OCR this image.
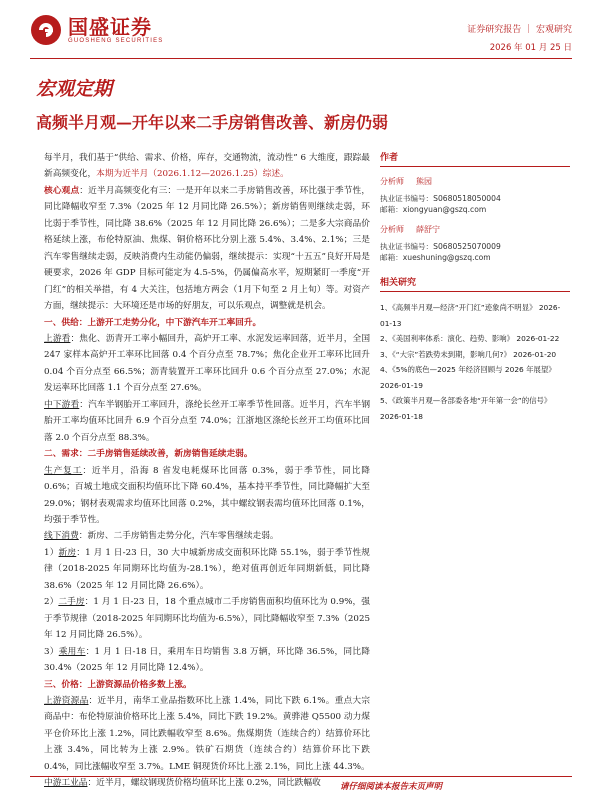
国盛证券
GUOSHENG SECURITIES
证券研究报告 ｜ 宏观研究
2026 年 01 月 25 日
宏观定期
高频半月观—开年以来二手房销售改善、新房仍弱

每半月，我们基于“供给、需求、价格，库存，交通物流，流动性” 6 大维度，跟踪最新高频变化，本期为近半月（2026.1.12—2026.1.25）综述。

核心观点：近半月高频变化有三：一是开年以来二手房销售改善，环比强于季节性，同比降幅收窄至 7.3%（2025 年 12 月同比降 26.5%）；新房销售则继续走弱，环比弱于季节性，同比降 38.6%（2025 年 12 月同比降 26.6%）；二是多大宗商品价格延续上涨，布伦特原油、焦煤、铜价格环比分别上涨 5.4%、3.4%、2.1%；三是汽车零售继续走弱，反映消费内生动能仍偏弱，继续提示：实现“十五五”良好开局是硬要求，2026 年 GDP 目标可能定为 4.5-5%，仍属偏高水平，短期紧盯一季度“开门红”的相关举措，有 4 大关注，包括地方两会（1月下旬至 2 月上旬）等。对资产方面，继续提示：大环境还是市场的好朋友，可以乐观点，调整就是机会。

一、供给：上游开工走势分化，中下游汽车开工率回升。

上游看：焦化、沥青开工率小幅回升，高炉开工率、水泥发运率回落，近半月，全国 247 家样本高炉开工率环比回落 0.4 个百分点至 78.7%；焦化企业开工率环比回升 0.04 个百分点至 66.5%；沥青装置开工率环比回升 0.6 个百分点至 27.0%；水泥发运率环比回落 1.1 个百分点至 27.6%。

中下游看：汽车半钢胎开工率回升，涤纶长丝开工率季节性回落。近半月，汽车半钢胎开工率均值环比回升 6.9 个百分点至 74.0%；江浙地区涤纶长丝开工均值环比回落 2.0 个百分点至 88.3%。

二、需求：二手房销售延续改善，新房销售延续走弱。

生产复工：近半月，沿海 8 省发电耗煤环比回落 0.3%，弱于季节性，同比降 0.6%；百城土地成交面积均值环比下降 60.4%，基本持平季节性，同比降幅扩大至 29.0%；钢材表观需求均值环比回落 0.2%，其中螺纹钢表需均值环比回落 0.1%，均强于季节性。

线下消费：新房、二手房销售走势分化，汽车零售继续走弱。

1）新房：1 月 1 日-23 日，30 大中城新房成交面积环比降 55.1%，弱于季节性规律（2018-2025 年同期环比均值为-28.1%），绝对值再创近年同期新低，同比降 38.6%（2025 年 12 月同比降 26.6%）。

2）二手房：1 月 1 日-23 日，18 个重点城市二手房销售面积均值环比为 0.9%，强于季节规律（2018-2025 年同期环比均值为-6.5%），同比降幅收窄至 7.3%（2025 年 12 月同比降 26.5%）。

3）乘用车：1 月 1 日-18 日，乘用车日均销售 3.8 万辆，环比降 36.5%，同比降 30.4%（2025 年 12 月同比降 12.4%）。

三、价格：上游资源品价格多数上涨。

上游资源品：近半月，南华工业品指数环比上涨 1.4%，同比下跌 6.1%。重点大宗商品中：布伦特原油价格环比上涨 5.4%，同比下跌 19.2%。黄骅港 Q5500 动力煤平仓价环比上涨 1.2%，同比跌幅收窄至 8.6%。焦煤期货（连续合约）结算价环比上涨 3.4%，同比转为上涨 2.9%。铁矿石期货（连续合约）结算价环比下跌 0.4%，同比涨幅收窄至 3.7%。LME 铜现货价环比上涨 2.1%，同比上涨 44.3%。

中游工业品：近半月，螺纹钢现货价格均值环比上涨 0.2%，同比跌幅收

作者
分析师 熊园
执业证书编号：S0680518050004
邮箱：xiongyuan@gszq.com
分析师 薛舒宁
执业证书编号：S0680525070009
邮箱：xueshuning@gszq.com
相关研究
1、《高频半月观—经济“开门红”迹象尚不明显》 2026-01-13
2、《美国利率体系：演化、趋势、影响》 2026-01-22
3、《“大宗”若跌势未到期，影响几何?》 2026-01-20
4、《5%的底色—2025 年经济回顾与 2026 年展望》 2026-01-19
5、《政策半月观—各部委各地“开年第一会”的信号》 2026-01-18
请仔细阅读本报告末页声明
